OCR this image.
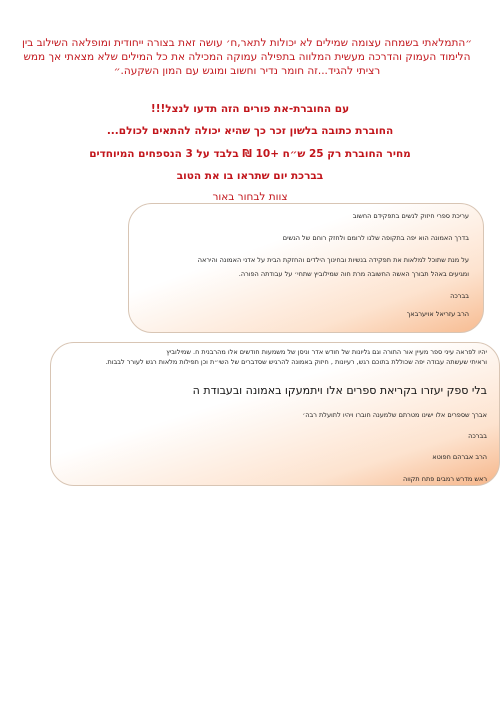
״התמלאתי בשמחה עצומה שמילים לא יכולות לתאר,ח׳ עושה זאת בצורה ייחודית ומופלאה השילוב בין הלימוד העמוק והדרכה מעשית המלווה בתפילה עמוקה המכילה את כל המילים שלא מצאתי אך ממש רציתי להגיד...זה חומר נדיר וחשוב ומוגש עם המון השקעה.״

עם החוברת-את פורים הזה תדעו לנצל!!!

החוברת כתובה בלשון זכר כך שהיא יכולה להתאים לכולם...

מחיר החוברת רק 25 ש״ח +10 ₪ בלבד על 3 הנספחים המיוחדים

בברכת יום שתראו בו את הטוב

צוות לבחור באור

עריכת ספרי חיזוק לנשים בתפקידם החשוב

בדרך האמונה הוא יפה בתקופה שלנו לרומם ולחזק רוחם של הנשים

על מנת שתוכל למלאות את תפקידה בנשיות ובחינוך הילדים והחזקת הבית על אדני האמונה והיראה

ומגיעים באהל תבורך האשה החשובה מרת חוה שמילוביץ שתחי׳ על עבודתה הפורה.

בברכה

הרב עזריאל אויערבאך

יהיו לפראה עיני ספר מעיין אור התורה וגם גליונות של חודש אדר וניסן של משמעות חודשים אלו מהרבנית ח. שמילוביץ

וראיתי שעשתה עבודה יפה שכוללת בתוכם רגש, רעיונות , חיזוק באמונה להרגיש שסדברים של השי״ת וכן תפילות מלאות רגש לעורר לבבות.

בלי ספק יעזרו בקריאת ספרים אלו ויתמעקו באמונה ובעבודת ה

אברך שספרים אלו ישינו מטרתם שלמענה חוברו ויהיו לתועלת רבה׳

בברכה

הרב אברהם חפוטא

ראש מדרש רמבים פתח תקווה
